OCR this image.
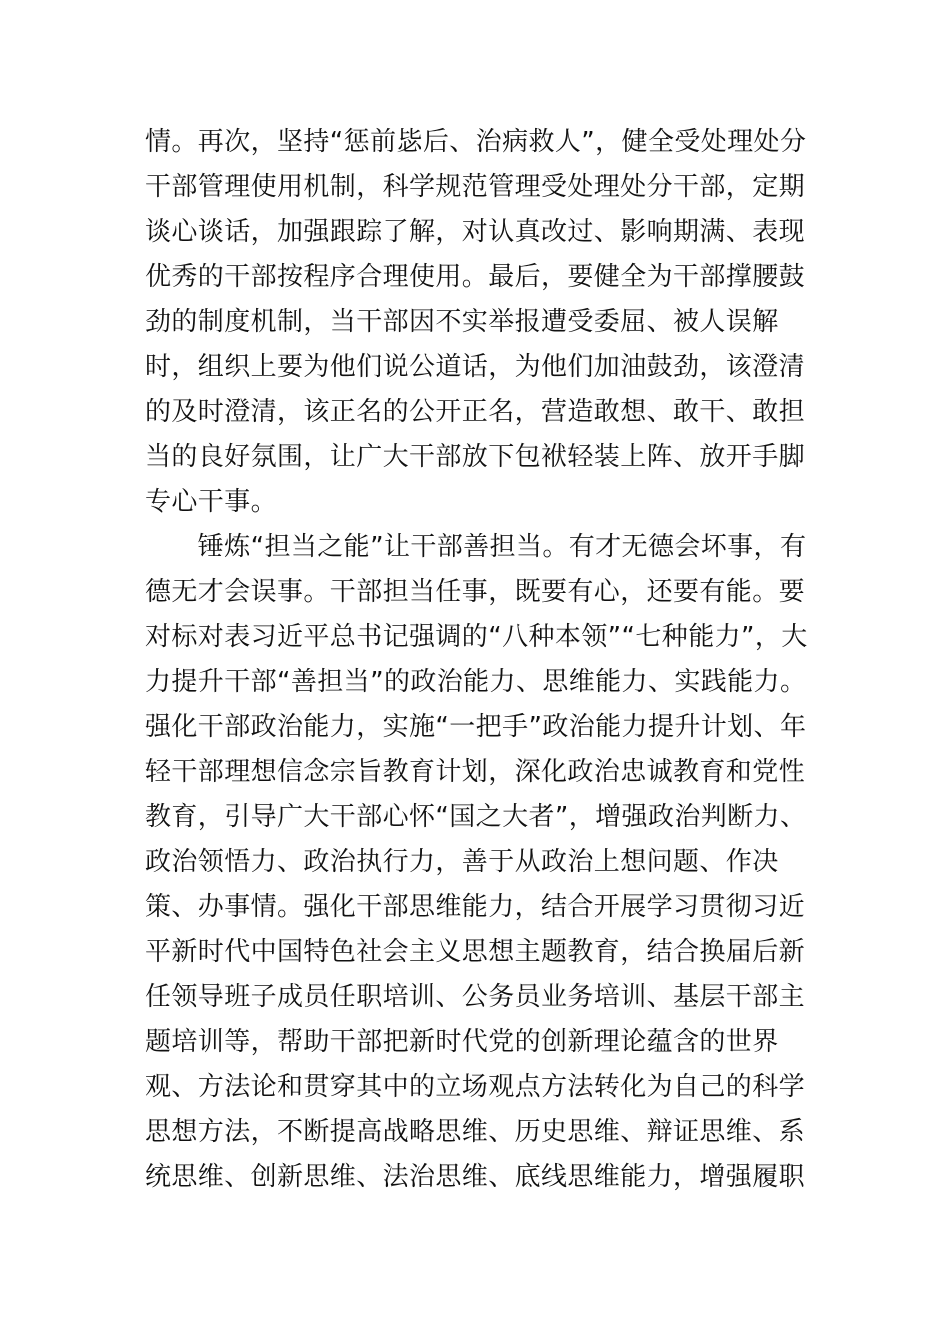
情。再次，坚持“惩前毖后、治病救人”，健全受处理处分
干部管理使用机制，科学规范管理受处理处分干部，定期
谈心谈话，加强跟踪了解，对认真改过、影响期满、表现
优秀的干部按程序合理使用。最后，要健全为干部撑腰鼓
劲的制度机制，当干部因不实举报遭受委屈、被人误解
时，组织上要为他们说公道话，为他们加油鼓劲，该澄清
的及时澄清，该正名的公开正名，营造敢想、敢干、敢担
当的良好氛围，让广大干部放下包袱轻装上阵、放开手脚
专心干事。
　　锤炼“担当之能”让干部善担当。有才无德会坏事，有
德无才会误事。干部担当任事，既要有心，还要有能。要
对标对表习近平总书记强调的“八种本领”“七种能力”，大
力提升干部“善担当”的政治能力、思维能力、实践能力。
强化干部政治能力，实施“一把手”政治能力提升计划、年
轻干部理想信念宗旨教育计划，深化政治忠诚教育和党性
教育，引导广大干部心怀“国之大者”，增强政治判断力、
政治领悟力、政治执行力，善于从政治上想问题、作决
策、办事情。强化干部思维能力，结合开展学习贯彻习近
平新时代中国特色社会主义思想主题教育，结合换届后新
任领导班子成员任职培训、公务员业务培训、基层干部主
题培训等，帮助干部把新时代党的创新理论蕴含的世界
观、方法论和贯穿其中的立场观点方法转化为自己的科学
思想方法，不断提高战略思维、历史思维、辩证思维、系
统思维、创新思维、法治思维、底线思维能力，增强履职
